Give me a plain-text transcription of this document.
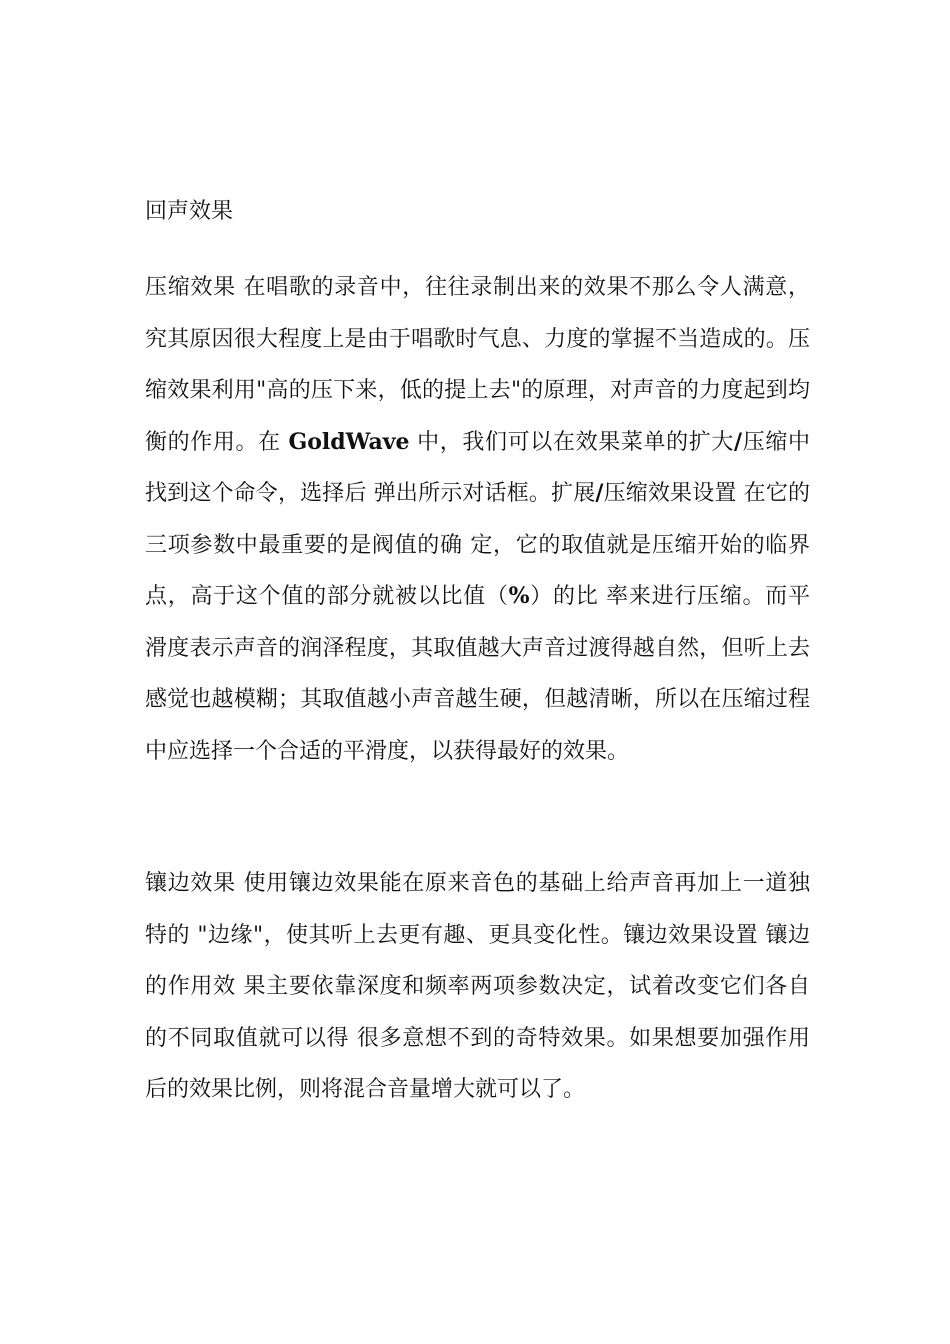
回声效果

压缩效果 在唱歌的录音中，往往录制出来的效果不那么令人满意，究其原因很大程度上是由于唱歌时气息、力度的掌握不当造成的。压缩效果利用"高的压下来，低的提上去"的原理，对声音的力度起到均衡的作用。在 GoldWave 中，我们可以在效果菜单的扩大/压缩中找到这个命令，选择后 弹出所示对话框。扩展/压缩效果设置 在它的三项参数中最重要的是阀值的确 定，它的取值就是压缩开始的临界点，高于这个值的部分就被以比值（%）的比 率来进行压缩。而平滑度表示声音的润泽程度，其取值越大声音过渡得越自然，但听上去感觉也越模糊；其取值越小声音越生硬，但越清晰，所以在压缩过程中应选择一个合适的平滑度，以获得最好的效果。

镶边效果 使用镶边效果能在原来音色的基础上给声音再加上一道独特的 "边缘"，使其听上去更有趣、更具变化性。镶边效果设置 镶边的作用效 果主要依靠深度和频率两项参数决定，试着改变它们各自的不同取值就可以得 很多意想不到的奇特效果。如果想要加强作用后的效果比例，则将混合音量增大就可以了。
